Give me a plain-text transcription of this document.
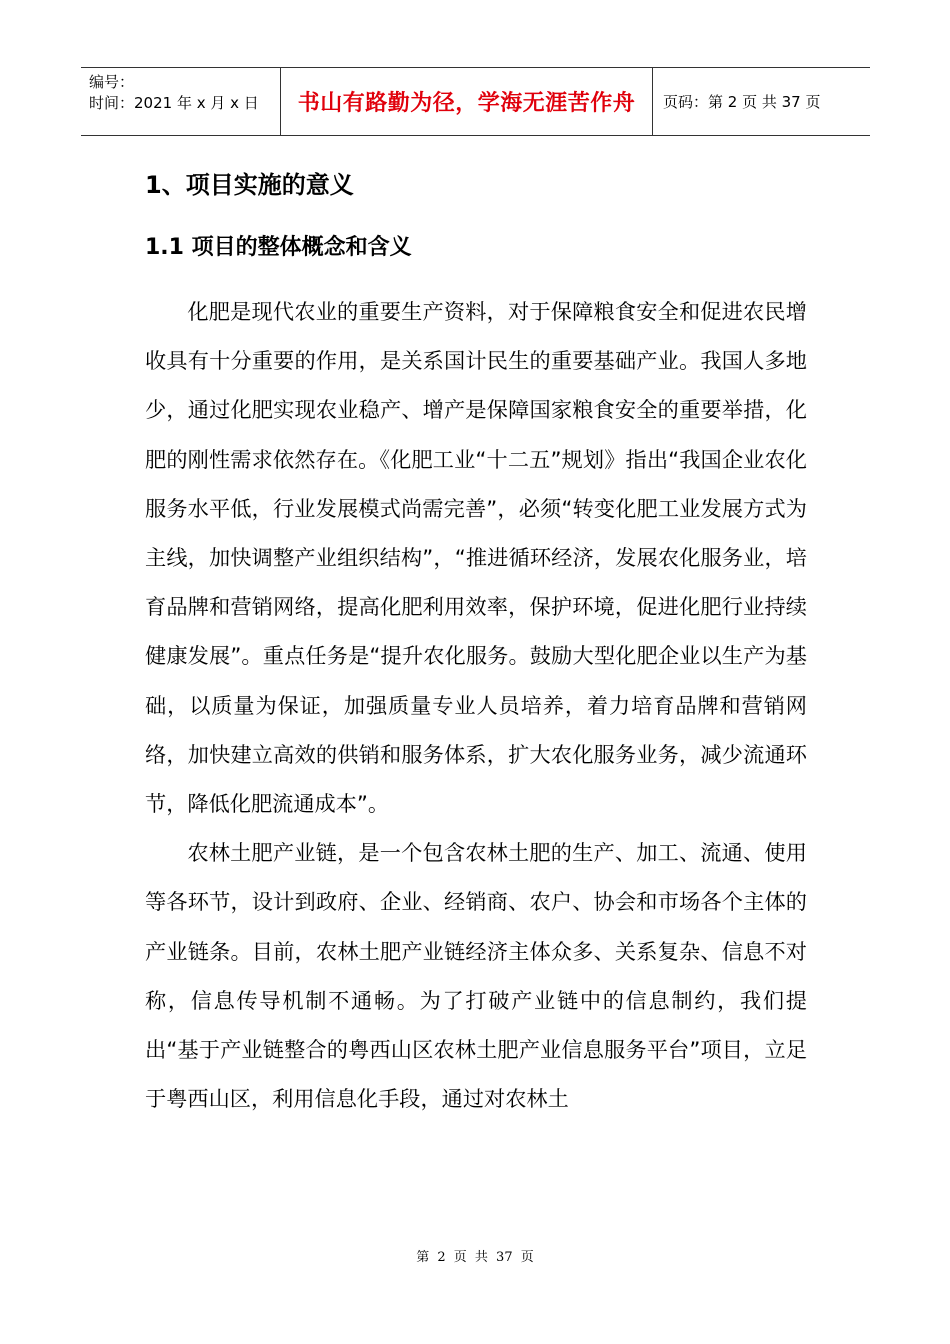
编号：
时间：2021 年 x 月 x 日	书山有路勤为径，学海无涯苦作舟	页码：第 2 页 共 37 页
1、项目实施的意义
1.1 项目的整体概念和含义

化肥是现代农业的重要生产资料，对于保障粮食安全和促进农民增收具有十分重要的作用，是关系国计民生的重要基础产业。我国人多地少，通过化肥实现农业稳产、增产是保障国家粮食安全的重要举措，化肥的刚性需求依然存在。《化肥工业“十二五”规划》指出“我国企业农化服务水平低，行业发展模式尚需完善”，必须“转变化肥工业发展方式为主线，加快调整产业组织结构”，“推进循环经济，发展农化服务业，培育品牌和营销网络，提高化肥利用效率，保护环境，促进化肥行业持续健康发展”。重点任务是“提升农化服务。鼓励大型化肥企业以生产为基础，以质量为保证，加强质量专业人员培养，着力培育品牌和营销网络，加快建立高效的供销和服务体系，扩大农化服务业务，减少流通环节，降低化肥流通成本”。

农林土肥产业链，是一个包含农林土肥的生产、加工、流通、使用等各环节，设计到政府、企业、经销商、农户、协会和市场各个主体的产业链条。目前，农林土肥产业链经济主体众多、关系复杂、信息不对称，信息传导机制不通畅。为了打破产业链中的信息制约，我们提出“基于产业链整合的粤西山区农林土肥产业信息服务平台”项目，立足于粤西山区，利用信息化手段，通过对农林土

第 2 页 共 37 页
